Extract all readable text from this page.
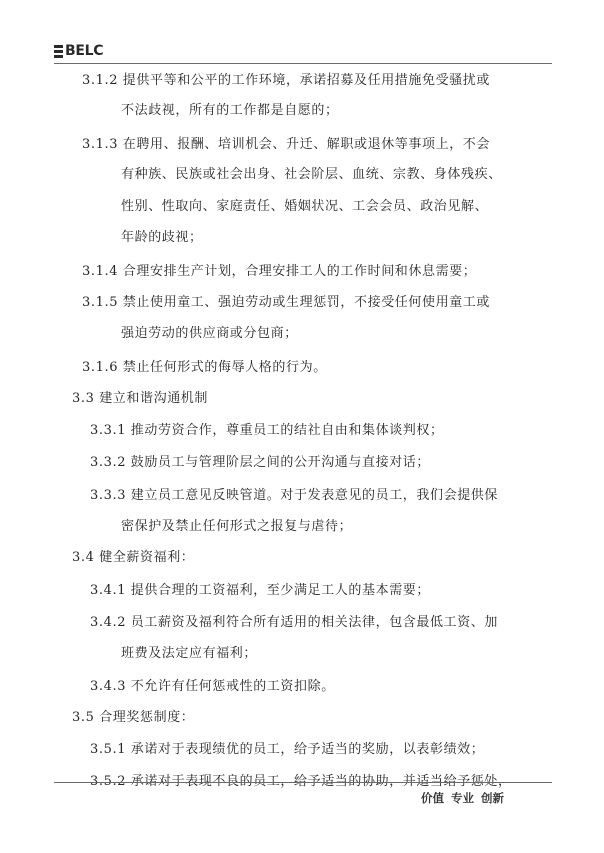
BELC
3.1.2 提供平等和公平的工作环境，承诺招募及任用措施免受骚扰或
不法歧视，所有的工作都是自愿的；
3.1.3 在聘用、报酬、培训机会、升迁、解职或退休等事项上，不会
有种族、民族或社会出身、社会阶层、血统、宗教、身体残疾、
性别、性取向、家庭责任、婚姻状况、工会会员、政治见解、
年龄的歧视；
3.1.4 合理安排生产计划，合理安排工人的工作时间和休息需要；
3.1.5 禁止使用童工、强迫劳动或生理惩罚，不接受任何使用童工或
强迫劳动的供应商或分包商；
3.1.6 禁止任何形式的侮辱人格的行为。
3.3 建立和谐沟通机制
3.3.1 推动劳资合作，尊重员工的结社自由和集体谈判权；
3.3.2 鼓励员工与管理阶层之间的公开沟通与直接对话；
3.3.3 建立员工意见反映管道。对于发表意见的员工，我们会提供保
密保护及禁止任何形式之报复与虐待；
3.4 健全薪资福利：
3.4.1 提供合理的工资福利，至少满足工人的基本需要；
3.4.2 员工薪资及福利符合所有适用的相关法律，包含最低工资、加
班费及法定应有福利；
3.4.3 不允许有任何惩戒性的工资扣除。
3.5 合理奖惩制度：
3.5.1 承诺对于表现绩优的员工，给予适当的奖励，以表彰绩效；
3.5.2 承诺对于表现不良的员工，给予适当的协助，并适当给予惩处，
价值 专业 创新
